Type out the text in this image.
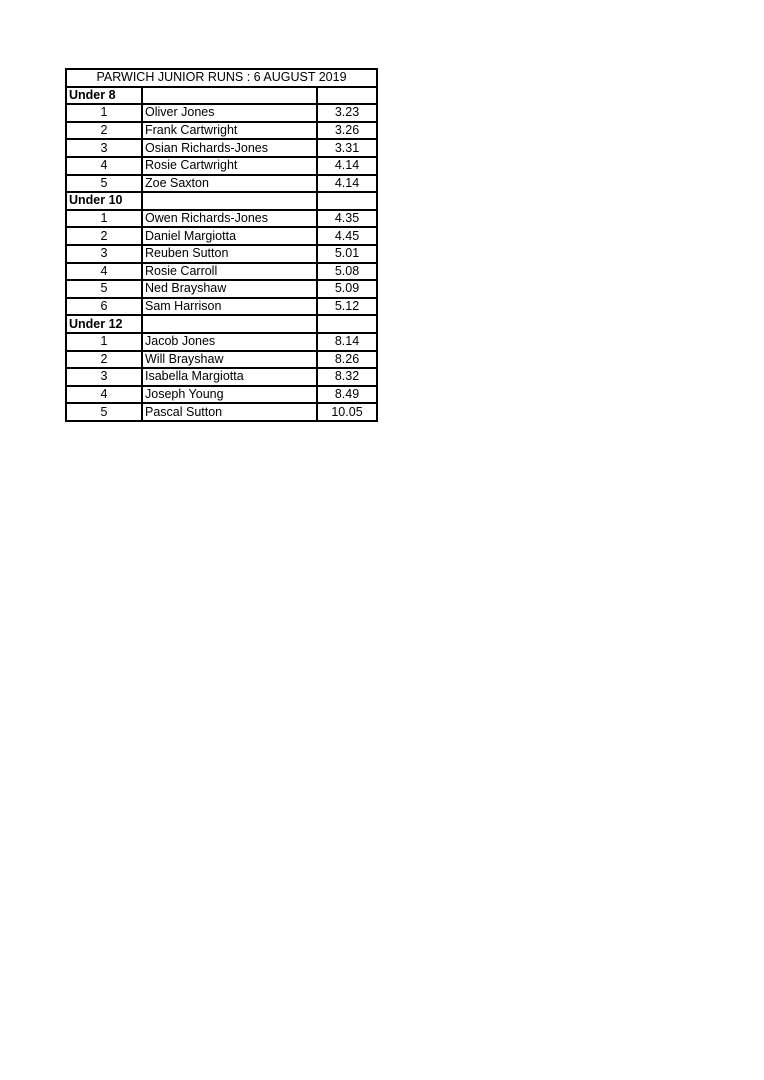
PARWICH JUNIOR RUNS : 6 AUGUST 2019		
Under 8		
1	Oliver Jones	3.23
2	Frank Cartwright	3.26
3	Osian Richards-Jones	3.31
4	Rosie Cartwright	4.14
5	Zoe Saxton	4.14
Under 10		
1	Owen Richards-Jones	4.35
2	Daniel Margiotta	4.45
3	Reuben Sutton	5.01
4	Rosie Carroll	5.08
5	Ned Brayshaw	5.09
6	Sam Harrison	5.12
Under 12		
1	Jacob Jones	8.14
2	Will Brayshaw	8.26
3	Isabella Margiotta	8.32
4	Joseph Young	8.49
5	Pascal Sutton	10.05
